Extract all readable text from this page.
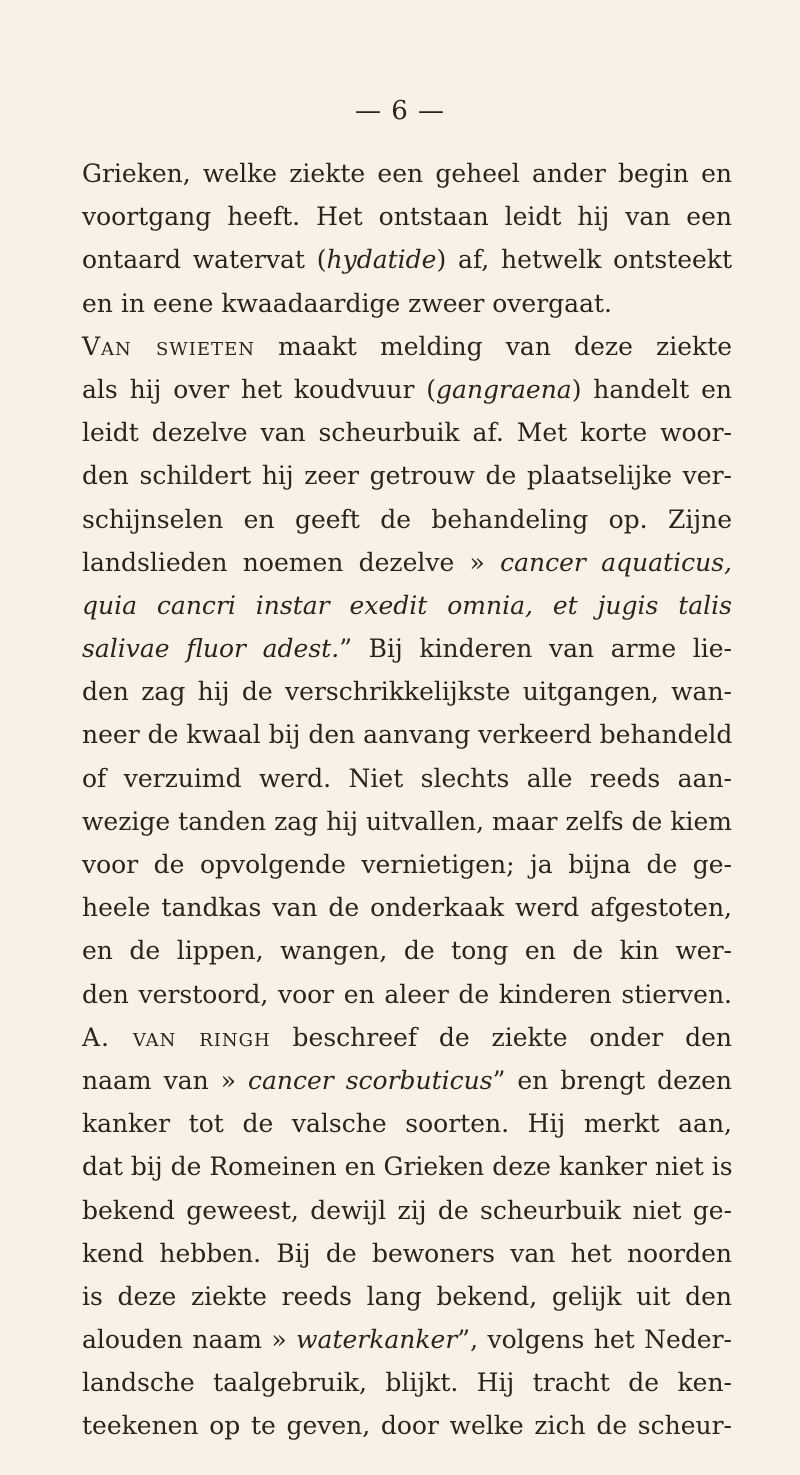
— 6 —
Grieken, welke ziekte een geheel ander begin en
voortgang heeft. Het ontstaan leidt hij van een
ontaard watervat (hydatide) af, hetwelk ontsteekt
en in eene kwaadaardige zweer overgaat.
Van swieten maakt melding van deze ziekte
als hij over het koudvuur (gangraena) handelt en
leidt dezelve van scheurbuik af. Met korte woor-
den schildert hij zeer getrouw de plaatselijke ver-
schijnselen en geeft de behandeling op. Zijne
landslieden noemen dezelve » cancer aquaticus,
quia cancri instar exedit omnia, et jugis talis
salivae fluor adest.” Bij kinderen van arme lie-
den zag hij de verschrikkelijkste uitgangen, wan-
neer de kwaal bij den aanvang verkeerd behandeld
of verzuimd werd. Niet slechts alle reeds aan-
wezige tanden zag hij uitvallen, maar zelfs de kiem
voor de opvolgende vernietigen; ja bijna de ge-
heele tandkas van de onderkaak werd afgestoten,
en de lippen, wangen, de tong en de kin wer-
den verstoord, voor en aleer de kinderen stierven.
A. van ringh beschreef de ziekte onder den
naam van » cancer scorbuticus” en brengt dezen
kanker tot de valsche soorten. Hij merkt aan,
dat bij de Romeinen en Grieken deze kanker niet is
bekend geweest, dewijl zij de scheurbuik niet ge-
kend hebben. Bij de bewoners van het noorden
is deze ziekte reeds lang bekend, gelijk uit den
alouden naam » waterkanker”, volgens het Neder-
landsche taalgebruik, blijkt. Hij tracht de ken-
teekenen op te geven, door welke zich de scheur-
